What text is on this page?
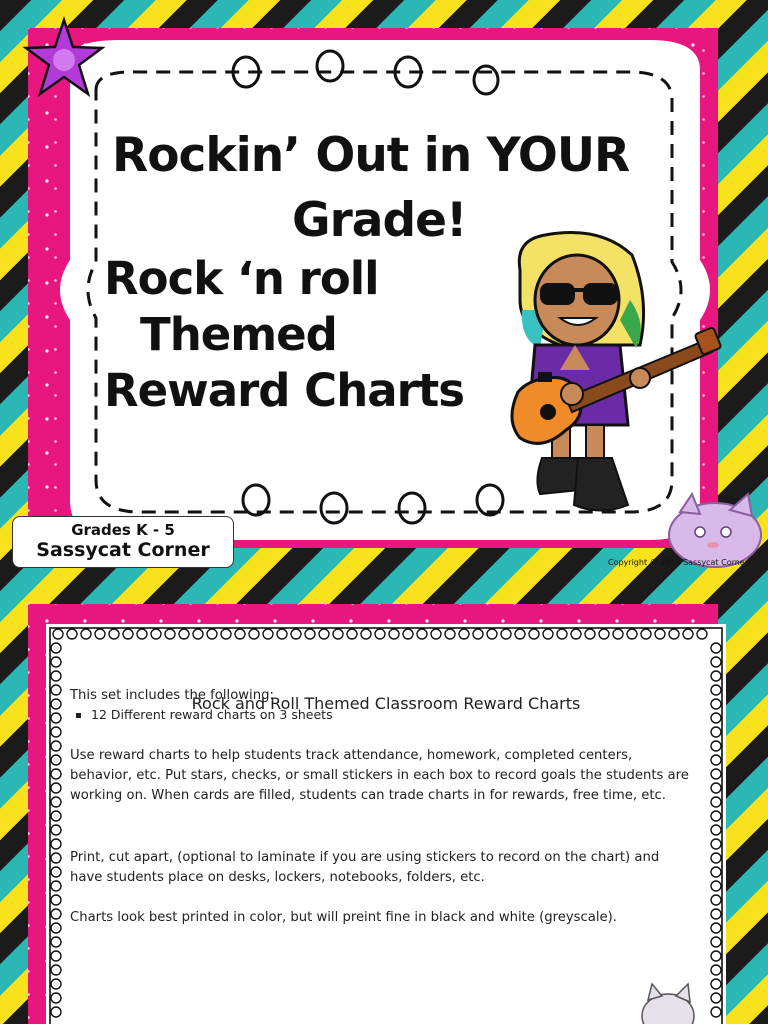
Rockin’ Out in YOUR
Grade!
Rock ‘n roll
Themed
Reward Charts
Grades K - 5
Sassycat Corner
Copyright © 2016 Sassycat Corner
Rock and Roll Themed Classroom Reward Charts
This set includes the following:
12 Different reward charts on 3 sheets
Use reward charts to help students track attendance, homework, completed centers, behavior, etc. Put stars, checks, or small stickers in each box to record goals the students are working on. When cards are filled, students can trade charts in for rewards, free time, etc.
Print, cut apart, (optional to laminate if you are using stickers to record on the chart) and have students place on desks, lockers, notebooks, folders, etc.
Charts look best printed in color, but will preint fine in black and white (greyscale).
